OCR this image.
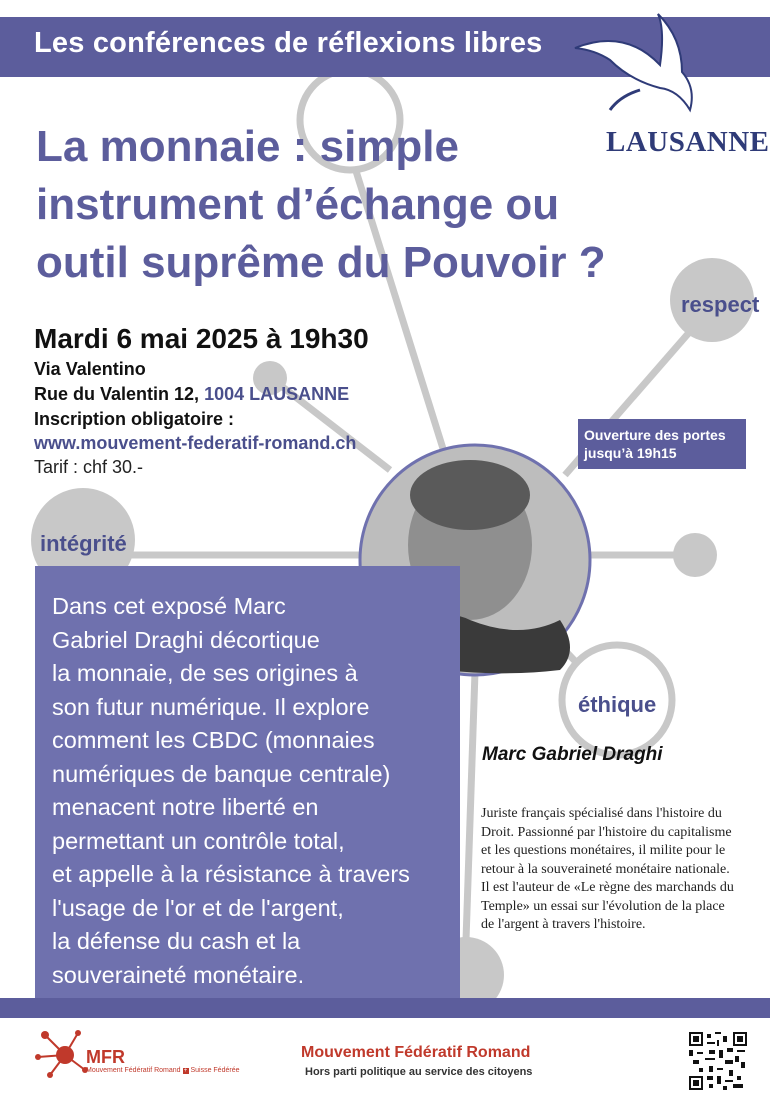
Les conférences de réflexions libres
LAUSANNE
La monnaie : simple
instrument d’échange ou
outil suprême du Pouvoir ?
respect
Mardi 6 mai 2025 à 19h30
Via Valentino
Rue du Valentin 12, 1004 LAUSANNE
Inscription obligatoire :
www.mouvement-federatif-romand.ch
Tarif : chf 30.-
Ouverture des portes jusqu’à 19h15
intégrité
Dans cet exposé Marc
Gabriel Draghi décortique
la monnaie, de ses origines à
son futur numérique. Il explore
comment les CBDC (monnaies
numériques de banque centrale)
menacent notre liberté en
permettant un contrôle total,
et appelle à la résistance à travers
l'usage de l'or et de l'argent,
la défense du cash et la
souveraineté monétaire.
éthique
Marc Gabriel Draghi
Juriste français spécialisé dans l'histoire du
Droit. Passionné par l'histoire du capitalisme
et les questions monétaires, il milite pour le
retour à la souveraineté monétaire nationale.
Il est l'auteur de «Le règne des marchands du
Temple» un essai sur l'évolution de la place
de l'argent à travers l'histoire.
MFR
Mouvement Fédératif Romand + Suisse Fédérée
Mouvement Fédératif Romand
Hors parti politique au service des citoyens
